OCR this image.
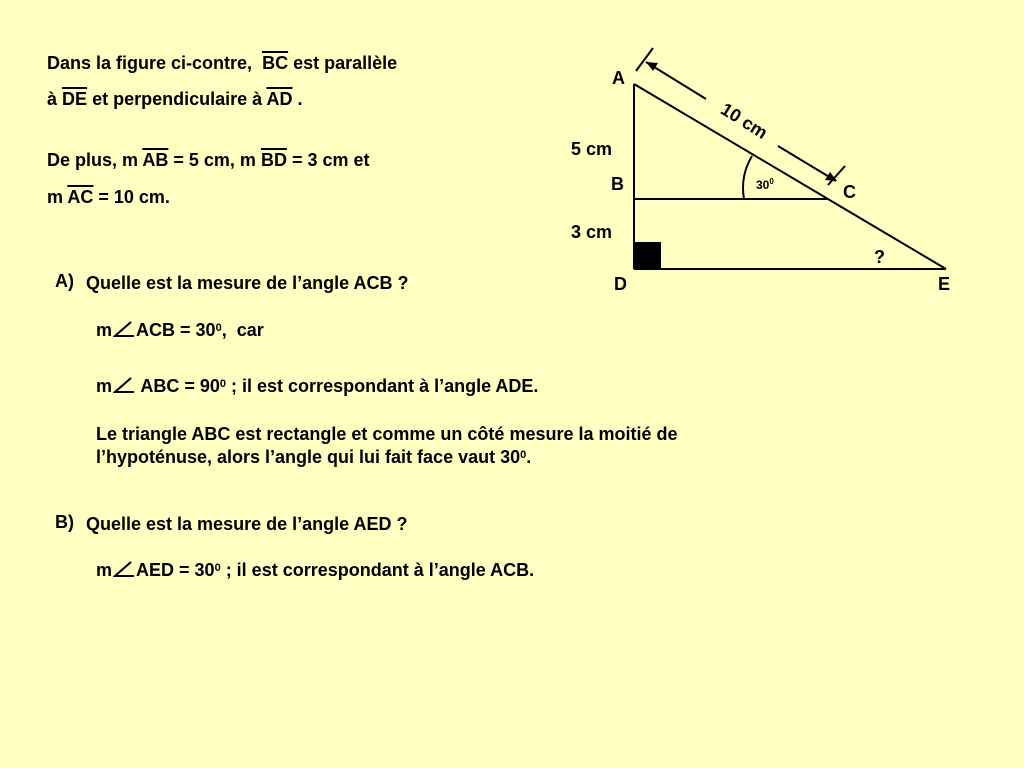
Dans la figure ci-contre, $\overline{BC}$ est parallèle
à $\overline{DE}$ et perpendiculaire à $\overline{AD}$ .
De plus, m $\overline{AB} = 5$ cm, m $\overline{BD} = 3$ cm et
m $\overline{AC} = 10$ cm.
A) Quelle est la mesure de l’angle ACB ?
m ACB = $30^0$, car
m ABC = $90^0$ ; il est correspondant à l’angle ADE.
Le triangle ABC est rectangle et comme un côté mesure la moitié de
l’hypoténuse, alors l’angle qui lui fait face vaut $30^0$.
B) Quelle est la mesure de l’angle AED ?
m AED = $30^0$ ; il est correspondant à l’angle ACB.
10 cm
A
B	C
D	E
5 cm
3 cm
$30^0$
?
